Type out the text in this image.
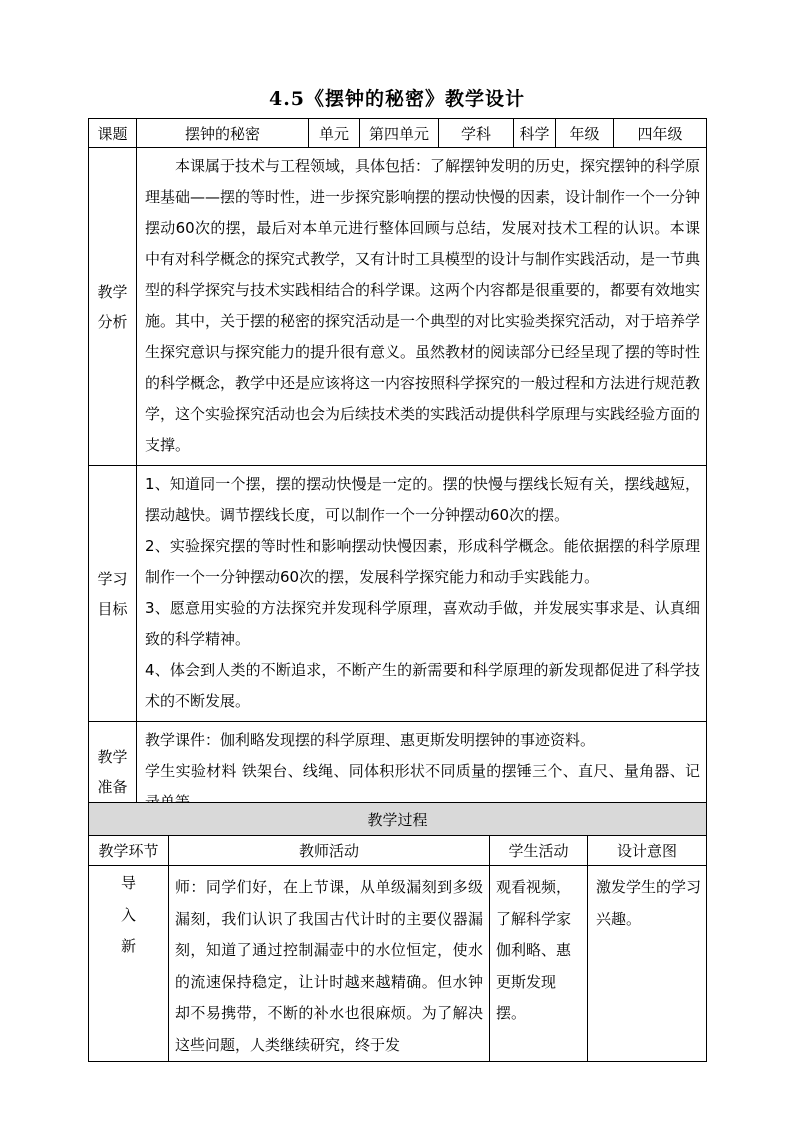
4.5《摆钟的秘密》教学设计
课题	摆钟的秘密	单元	第四单元	学科	科学	年级	四年级
教学分析	本课属于技术与工程领域，具体包括：了解摆钟发明的历史，探究摆钟的科学原理基础——摆的等时性，进一步探究影响摆的摆动快慢的因素，设计制作一个一分钟摆动60次的摆，最后对本单元进行整体回顾与总结，发展对技术工程的认识。本课中有对科学概念的探究式教学，又有计时工具模型的设计与制作实践活动，是一节典型的科学探究与技术实践相结合的科学课。这两个内容都是很重要的，都要有效地实施。其中，关于摆的秘密的探究活动是一个典型的对比实验类探究活动，对于培养学生探究意识与探究能力的提升很有意义。虽然教材的阅读部分已经呈现了摆的等时性的科学概念，教学中还是应该将这一内容按照科学探究的一般过程和方法进行规范教学，这个实验探究活动也会为后续技术类的实践活动提供科学原理与实践经验方面的支撑。						
学习目标	1、知道同一个摆，摆的摆动快慢是一定的。摆的快慢与摆线长短有关，摆线越短，摆动越快。调节摆线长度，可以制作一个一分钟摆动60次的摆。

2、实验探究摆的等时性和影响摆动快慢因素，形成科学概念。能依据摆的科学原理制作一个一分钟摆动60次的摆，发展科学探究能力和动手实践能力。

3、愿意用实验的方法探究并发现科学原理，喜欢动手做，并发展实事求是、认真细致的科学精神。

4、体会到人类的不断追求，不断产生的新需要和科学原理的新发现都促进了科学技术的不断发展。						

教学准备	教学课件：伽利略发现摆的科学原理、惠更斯发明摆钟的事迹资料。

学生实验材料 铁架台、线绳、同体积形状不同质量的摆锤三个、直尺、量角器、记						

教学过程			
教学环节	教师活动	学生活动	设计意图

导
入
新	师：同学们好，在上节课，从单级漏刻到多级漏刻，我们认识了我国古代计时的主要仪器漏刻，知道了通过控制漏壶中的水位恒定，使水的流速保持稳定，让计时越来越精确。但水钟却不易携带，不断的补水也很麻烦。为了解决这些问题，人类继续研究，终于发	观看视频，了解科学家伽利略、惠更斯发现摆。	激发学生的学习兴趣。
